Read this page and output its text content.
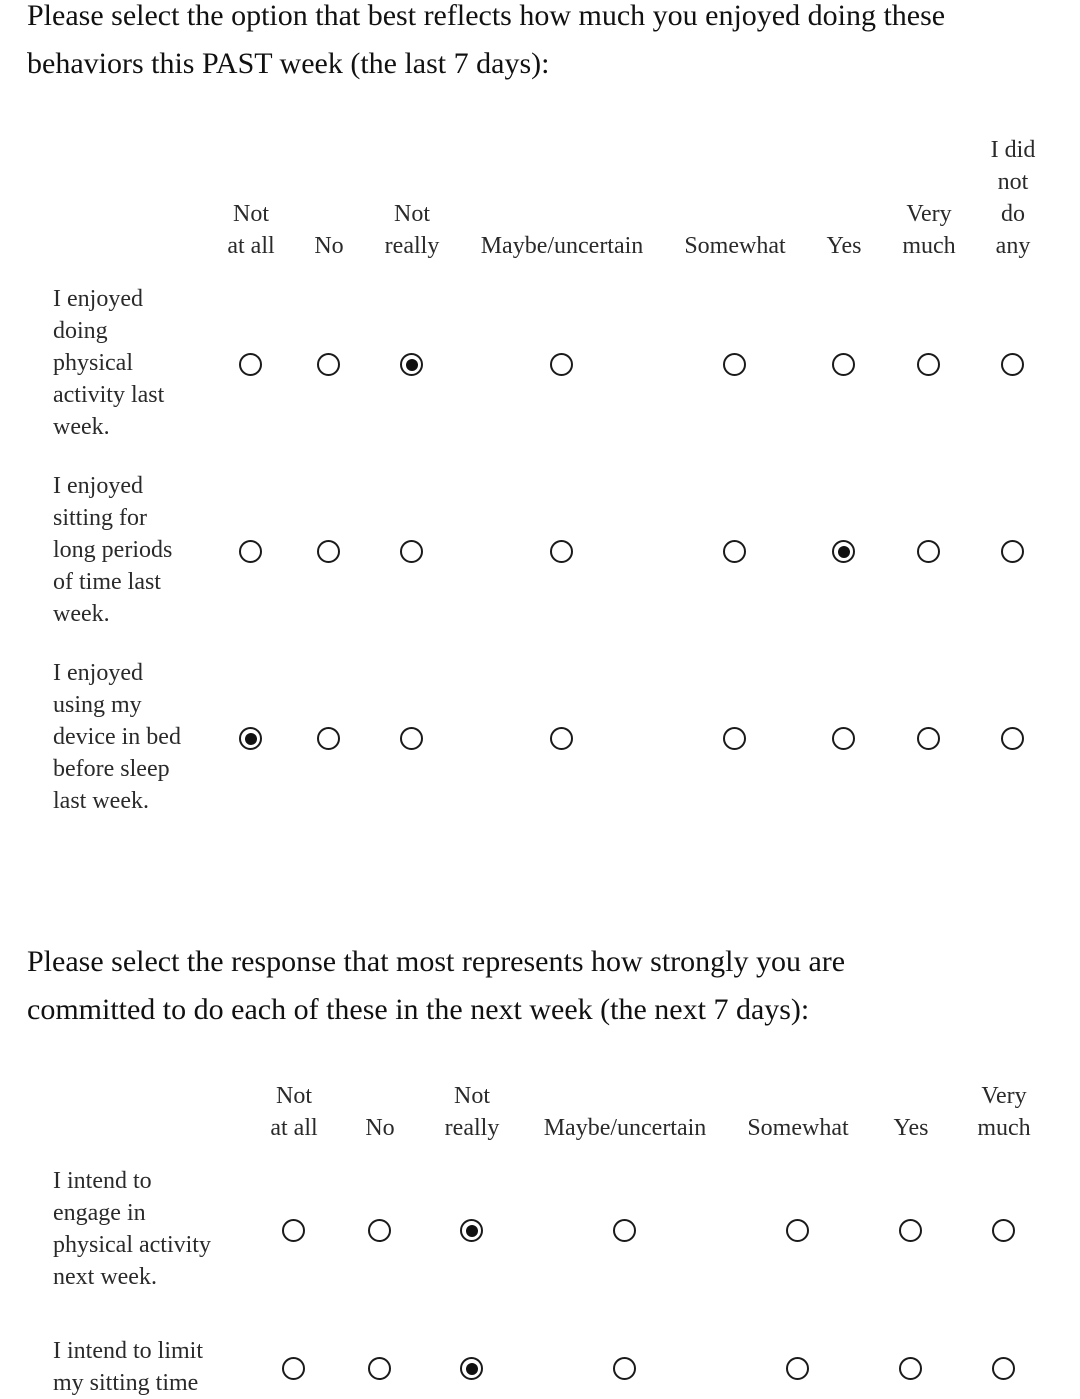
Please select the option that best reflects how much you enjoyed doing these
behaviors this PAST week (the last 7 days):
Not
at all No
Not
really Maybe/uncertain Somewhat Yes
Very
much
I did
not
do
any
I enjoyed
doing
physical
activity last
week.
I enjoyed
sitting for
long periods
of time last
week.
I enjoyed
using my
device in bed
before sleep
last week.
Please select the response that most represents how strongly you are
committed to do each of these in the next week (the next 7 days):
Not
at all No
Not
really Maybe/uncertain Somewhat Yes
Very
much
I intend to
engage in
physical activity
next week.
I intend to limit
my sitting time
